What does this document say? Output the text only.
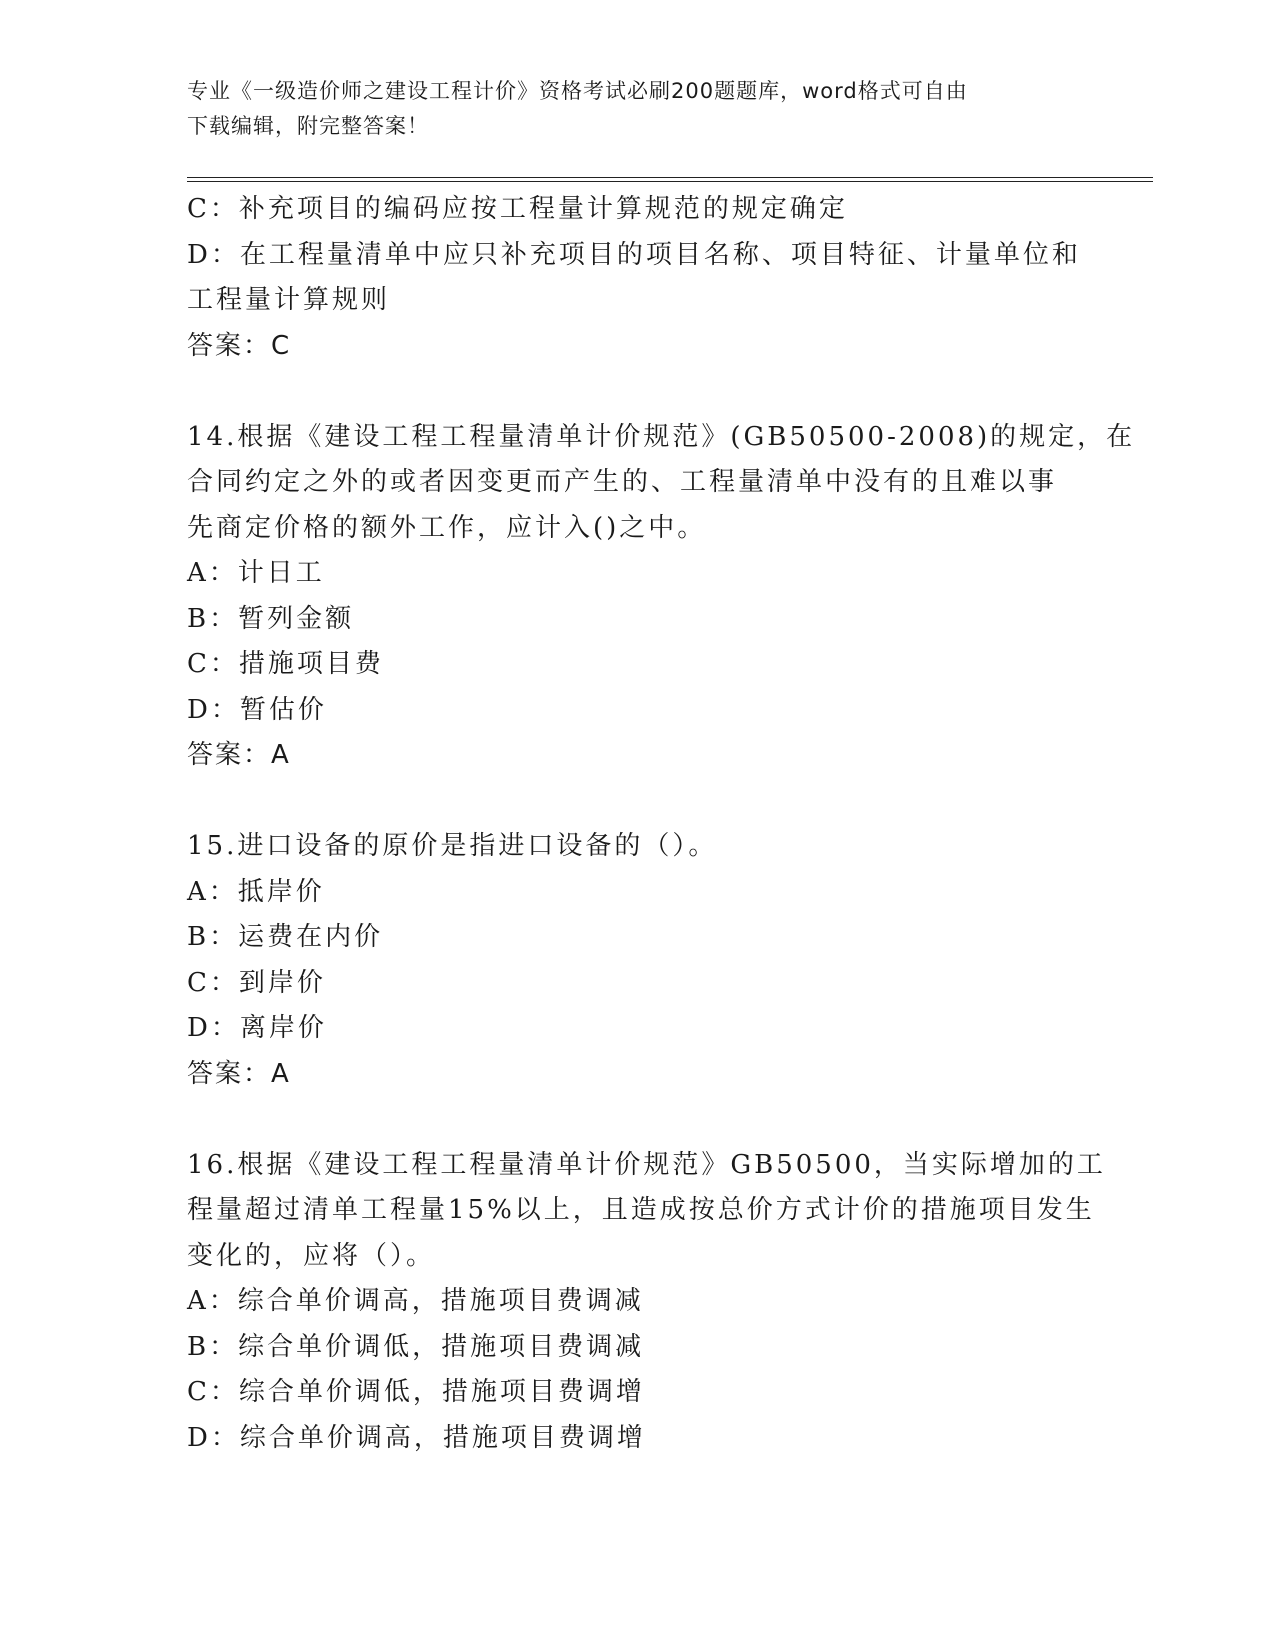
专业《一级造价师之建设工程计价》资格考试必刷200题题库，word格式可自由
下载编辑，附完整答案！
C：补充项目的编码应按工程量计算规范的规定确定
D：在工程量清单中应只补充项目的项目名称、项目特征、计量单位和
工程量计算规则
答案：C
14.根据《建设工程工程量清单计价规范》(GB50500-2008)的规定，在
合同约定之外的或者因变更而产生的、工程量清单中没有的且难以事
先商定价格的额外工作，应计入()之中。
A：计日工
B：暂列金额
C：措施项目费
D：暂估价
答案：A
15.进口设备的原价是指进口设备的（）。
A：抵岸价
B：运费在内价
C：到岸价
D：离岸价
答案：A
16.根据《建设工程工程量清单计价规范》GB50500，当实际增加的工
程量超过清单工程量15%以上，且造成按总价方式计价的措施项目发生
变化的，应将（）。
A：综合单价调高，措施项目费调减
B：综合单价调低，措施项目费调减
C：综合单价调低，措施项目费调增
D：综合单价调高，措施项目费调增
